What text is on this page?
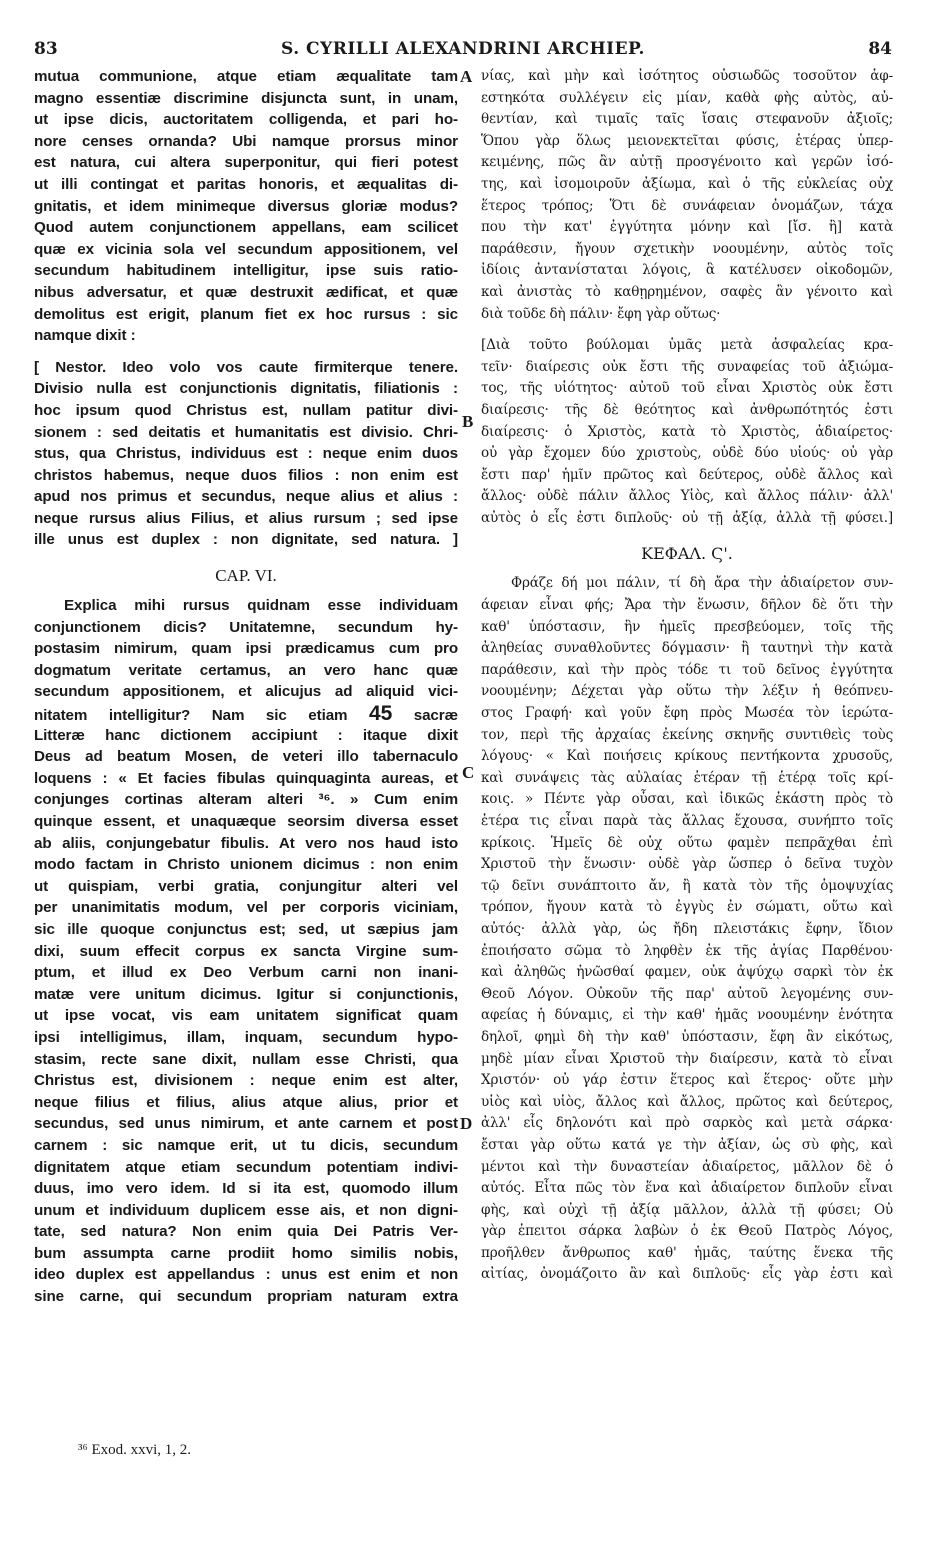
83	S. CYRILLI ALEXANDRINI ARCHIEP.	84
A
B
C
D
mutua communione, atque etiam æqualitate tam
magno essentiæ discrimine disjuncta sunt, in unam,
ut ipse dicis, auctoritatem colligenda, et pari ho-
nore censes ornanda? Ubi namque prorsus minor
est natura, cui altera superponitur, qui fieri potest
ut illi contingat et paritas honoris, et æqualitas di-
gnitatis, et idem minimeque diversus gloriæ modus?
Quod autem conjunctionem appellans, eam scilicet
quæ ex vicinia sola vel secundum appositionem, vel
secundum habitudinem intelligitur, ipse suis ratio-
nibus adversatur, et quæ destruxit ædificat, et quæ
demolitus est erigit, planum fiet ex hoc rursus : sic
namque dixit :
[ Nestor. Ideo volo vos caute firmiterque tenere.
Divisio nulla est conjunctionis dignitatis, filiationis :
hoc ipsum quod Christus est, nullam patitur divi-
sionem : sed deitatis et humanitatis est divisio. Chri-
stus, qua Christus, individuus est : neque enim duos
christos habemus, neque duos filios : non enim est
apud nos primus et secundus, neque alius et alius :
neque rursus alius Filius, et alius rursum ; sed ipse
ille unus est duplex : non dignitate, sed natura. ]
CAP. VI.
Explica mihi rursus quidnam esse individuam
conjunctionem dicis? Unitatemne, secundum hy-
postasim nimirum, quam ipsi prædicamus cum pro
dogmatum veritate certamus, an vero hanc quæ
secundum appositionem, et alicujus ad aliquid vici-
nitatem intelligitur? Nam sic etiam 45 sacræ
Litteræ hanc dictionem accipiunt : itaque dixit
Deus ad beatum Mosen, de veteri illo tabernaculo
loquens : « Et facies fibulas quinquaginta aureas, et
conjunges cortinas alteram alteri ³⁶. » Cum enim
quinque essent, et unaquæque seorsim diversa esset
ab aliis, conjungebatur fibulis. At vero nos haud isto
modo factam in Christo unionem dicimus : non enim
ut quispiam, verbi gratia, conjungitur alteri vel
per unanimitatis modum, vel per corporis viciniam,
sic ille quoque conjunctus est; sed, ut sæpius jam
dixi, suum effecit corpus ex sancta Virgine sum-
ptum, et illud ex Deo Verbum carni non inani-
matæ vere unitum dicimus. Igitur si conjunctionis,
ut ipse vocat, vis eam unitatem significat quam
ipsi intelligimus, illam, inquam, secundum hypo-
stasim, recte sane dixit, nullam esse Christi, qua
Christus est, divisionem : neque enim est alter,
neque filius et filius, alius atque alius, prior et
secundus, sed unus nimirum, et ante carnem et post
carnem : sic namque erit, ut tu dicis, secundum
dignitatem atque etiam secundum potentiam indivi-
duus, imo vero idem. Id si ita est, quomodo illum
unum et individuum duplicem esse ais, et non digni-
tate, sed natura? Non enim quia Dei Patris Ver-
bum assumpta carne prodiit homo similis nobis,
ideo duplex est appellandus : unus est enim et non
sine carne, qui secundum propriam naturam extra
νίας, καὶ μὴν καὶ ἰσότητος οὐσιωδῶς τοσοῦτον ἀφ-
εστηκότα συλλέγειν εἰς μίαν, καθὰ φὴς αὐτὸς, αὐ-
θεντίαν, καὶ τιμαῖς ταῖς ἴσαις στεφανοῦν ἀξιοῖς;
Ὅπου γὰρ ὅλως μειονεκτεῖται φύσις, ἑτέρας ὑπερ-
κειμένης, πῶς ἂν αὐτῇ προσγένοιτο καὶ γερῶν ἰσό-
της, καὶ ἰσομοιροῦν ἀξίωμα, καὶ ὁ τῆς εὐκλείας οὐχ
ἕτερος τρόπος; Ὅτι δὲ συνάφειαν ὀνομάζων, τάχα
που τὴν κατ' ἐγγύτητα μόνην καὶ [ἴσ. ἢ] κατὰ
παράθεσιν, ἤγουν σχετικὴν νοουμένην, αὐτὸς τοῖς
ἰδίοις ἀντανίσταται λόγοις, ἃ κατέλυσεν οἰκοδομῶν,
καὶ ἀνιστὰς τὸ καθῃρημένον, σαφὲς ἂν γένοιτο καὶ
διὰ τοῦδε δὴ πάλιν· ἔφη γὰρ οὕτως·
[Διὰ τοῦτο βούλομαι ὑμᾶς μετὰ ἀσφαλείας κρα-
τεῖν· διαίρεσις οὐκ ἔστι τῆς συναφείας τοῦ ἀξιώμα-
τος, τῆς υἱότητος· αὐτοῦ τοῦ εἶναι Χριστὸς οὐκ ἔστι
διαίρεσις· τῆς δὲ θεότητος καὶ ἀνθρωπότητός ἐστι
διαίρεσις· ὁ Χριστὸς, κατὰ τὸ Χριστὸς, ἀδιαίρετος·
οὐ γὰρ ἔχομεν δύο χριστοὺς, οὐδὲ δύο υἱούς· οὐ γὰρ
ἔστι παρ' ἡμῖν πρῶτος καὶ δεύτερος, οὐδὲ ἄλλος καὶ
ἄλλος· οὐδὲ πάλιν ἄλλος Υἱὸς, καὶ ἄλλος πάλιν· ἀλλ'
αὐτὸς ὁ εἷς ἐστι διπλοῦς· οὐ τῇ ἀξίᾳ, ἀλλὰ τῇ φύσει.]
ΚΕΦΑΛ. Ϛ'.
Φράζε δή μοι πάλιν, τί δὴ ἄρα τὴν ἀδιαίρετον συν-
άφειαν εἶναι φής; Ἄρα τὴν ἕνωσιν, δῆλον δὲ ὅτι τὴν
καθ' ὑπόστασιν, ἣν ἡμεῖς πρεσβεύομεν, τοῖς τῆς
ἀληθείας συναθλοῦντες δόγμασιν· ἢ ταυτηνὶ τὴν κατὰ
παράθεσιν, καὶ τὴν πρὸς τόδε τι τοῦ δεῖνος ἐγγύτητα
νοουμένην; Δέχεται γὰρ οὕτω τὴν λέξιν ἡ θεόπνευ-
στος Γραφή· καὶ γοῦν ἔφη πρὸς Μωσέα τὸν ἱερώτα-
τον, περὶ τῆς ἀρχαίας ἐκείνης σκηνῆς συντιθεὶς τοὺς
λόγους· « Καὶ ποιήσεις κρίκους πεντήκοντα χρυσοῦς,
καὶ συνάψεις τὰς αὐλαίας ἑτέραν τῇ ἑτέρᾳ τοῖς κρί-
κοις. » Πέντε γὰρ οὖσαι, καὶ ἰδικῶς ἑκάστη πρὸς τὸ
ἑτέρα τις εἶναι παρὰ τὰς ἄλλας ἔχουσα, συνήπτο τοῖς
κρίκοις. Ἡμεῖς δὲ οὐχ οὕτω φαμὲν πεπρᾶχθαι ἐπὶ
Χριστοῦ τὴν ἕνωσιν· οὐδὲ γὰρ ὥσπερ ὁ δεῖνα τυχὸν
τῷ δεῖνι συνάπτοιτο ἄν, ἢ κατὰ τὸν τῆς ὁμοψυχίας
τρόπον, ἤγουν κατὰ τὸ ἐγγὺς ἐν σώματι, οὕτω καὶ
αὐτός· ἀλλὰ γὰρ, ὡς ἤδη πλειστάκις ἔφην, ἴδιον
ἐποιήσατο σῶμα τὸ ληφθὲν ἐκ τῆς ἁγίας Παρθένου·
καὶ ἀληθῶς ἡνῶσθαί φαμεν, οὐκ ἀψύχῳ σαρκὶ τὸν ἐκ
Θεοῦ Λόγον. Οὐκοῦν τῆς παρ' αὐτοῦ λεγομένης συν-
αφείας ἡ δύναμις, εἰ τὴν καθ' ἡμᾶς νοουμένην ἑνότητα
δηλοῖ, φημὶ δὴ τὴν καθ' ὑπόστασιν, ἔφη ἂν εἰκότως,
μηδὲ μίαν εἶναι Χριστοῦ τὴν διαίρεσιν, κατὰ τὸ εἶναι
Χριστόν· οὐ γάρ ἐστιν ἕτερος καὶ ἕτερος· οὔτε μὴν
υἱὸς καὶ υἱὸς, ἄλλος καὶ ἄλλος, πρῶτος καὶ δεύτερος,
ἀλλ' εἷς δηλονότι καὶ πρὸ σαρκὸς καὶ μετὰ σάρκα·
ἔσται γὰρ οὕτω κατά γε τὴν ἀξίαν, ὡς σὺ φὴς, καὶ
μέντοι καὶ τὴν δυναστείαν ἀδιαίρετος, μᾶλλον δὲ ὁ
αὐτός. Εἶτα πῶς τὸν ἕνα καὶ ἀδιαίρετον διπλοῦν εἶναι
φὴς, καὶ οὐχὶ τῇ ἀξίᾳ μᾶλλον, ἀλλὰ τῇ φύσει; Οὐ
γὰρ ἐπειτοι σάρκα λαβὼν ὁ ἐκ Θεοῦ Πατρὸς Λόγος,
προῆλθεν ἄνθρωπος καθ' ἡμᾶς, ταύτης ἕνεκα τῆς
αἰτίας, ὀνομάζοιτο ἂν καὶ διπλοῦς· εἷς γὰρ ἐστι καὶ
³⁶ Exod. xxvi, 1, 2.
